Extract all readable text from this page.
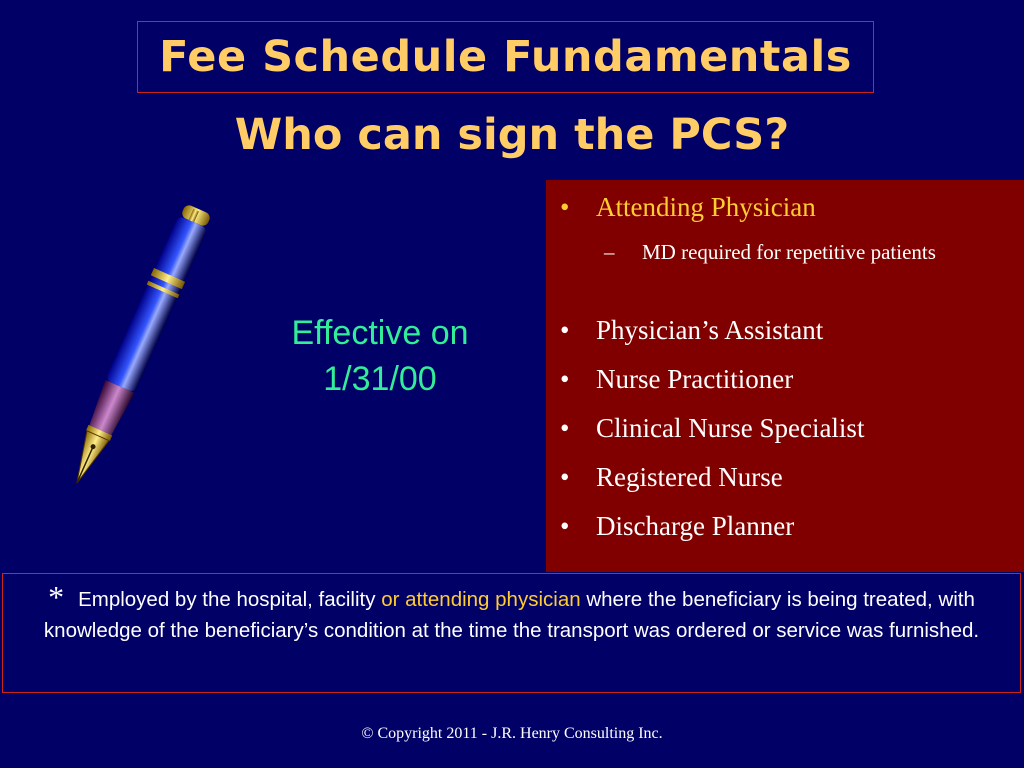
Fee Schedule Fundamentals
Who can sign the PCS?
Effective on
1/31/00
• Attending Physician
–	MD required for repetitive patients
• Physician’s Assistant
• Nurse Practitioner
• Clinical Nurse Specialist
• Registered Nurse
• Discharge Planner
* Employed by the hospital, facility or attending physician where the beneficiary is being treated, with knowledge of the beneficiary’s condition at the time the transport was ordered or service was furnished.
© Copyright 2011 - J.R. Henry Consulting Inc.
